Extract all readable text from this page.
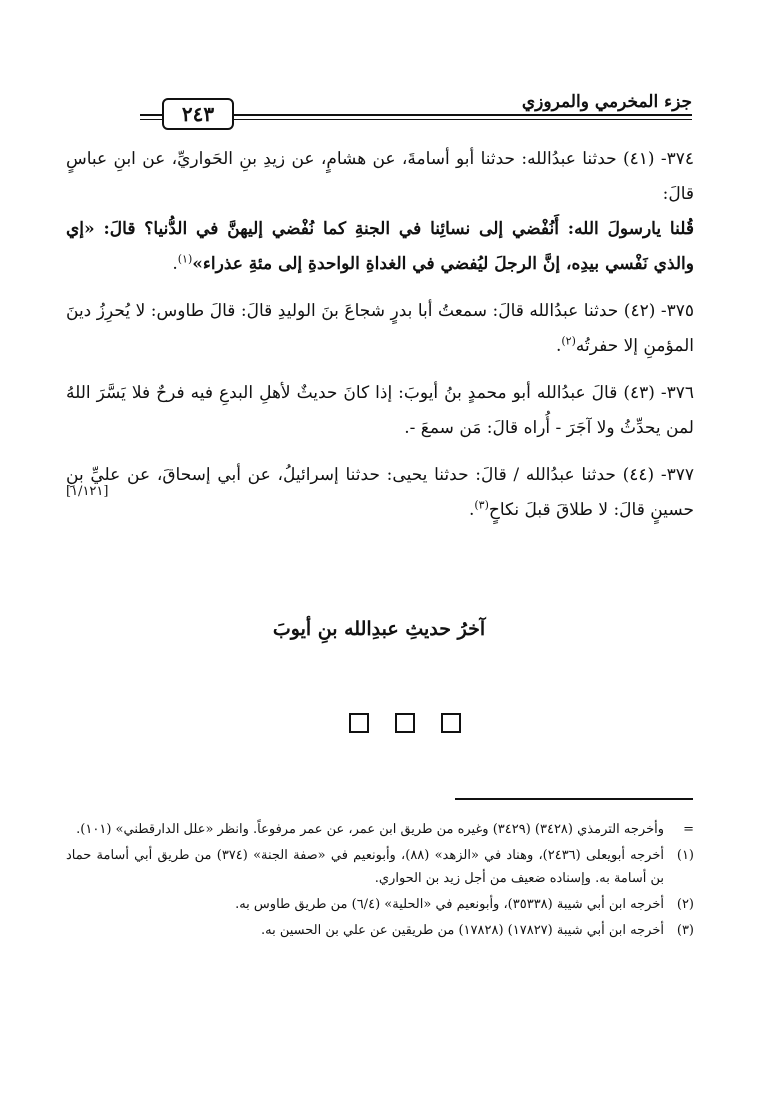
٢٤٣	جزء المخرمي والمروزي

٣٧٤- (٤١) حدثنا عبدُالله: حدثنا أبو أسامةَ، عن هشامٍ، عن زيدِ بنِ الحَواريِّ، عن ابنِ عباسٍ قالَ:

قُلنا يارسولَ الله: أَنُفْضي إلى نسائِنا في الجنةِ كما نُفْضي إليهنَّ في الدُّنيا؟ قالَ: «إي والذي نَفْسي بيدِه، إنَّ الرجلَ ليُفضي في الغداةِ الواحدةِ إلى مئةِ عذراء»$^{(١)}$.

٣٧٥- (٤٢) حدثنا عبدُالله قالَ: سمعتُ أبا بدرٍ شجاعَ بنَ الوليدِ قالَ: قالَ طاوس: لا يُحرِزُ دينَ المؤمنِ إلا حفرتُه$^{(٢)}$.

٣٧٦- (٤٣) قالَ عبدُالله أبو محمدٍ بنُ أيوبَ: إذا كانَ حديثٌ لأهلِ البدعِ فيه فرحٌ فلا يَسَّرَ اللهُ لمن يحدِّثُ ولا آجَرَ - أُراه قالَ: مَن سمعَ -.

٣٧٧- (٤٤) حدثنا عبدُالله / قالَ: حدثنا يحيى: حدثنا إسرائيلُ، عن أبي إسحاقَ، عن عليِّ بنِ حسينٍ قالَ: لا طلاقَ قبلَ نكاحٍ$^{(٣)}$.

[١/١٢١]
آخرُ حديثِ عبدِالله بنِ أيوبَ

=
وأخرجه الترمذي (٣٤٢٨) (٣٤٢٩) وغيره من طريق ابن عمر، عن عمر مرفوعاً. وانظر «علل الدارقطني» (١٠١).

(١)
أخرجه أبويعلى (٢٤٣٦)، وهناد في «الزهد» (٨٨)، وأبونعيم في «صفة الجنة» (٣٧٤) من طريق أبي أسامة حماد بن أسامة به. وإسناده ضعيف من أجل زيد بن الحواري.

(٢)
أخرجه ابن أبي شيبة (٣٥٣٣٨)، وأبونعيم في «الحلية» (٦/٤) من طريق طاوس به.

(٣)
أخرجه ابن أبي شيبة (١٧٨٢٧) (١٧٨٢٨) من طريقين عن علي بن الحسين به.
